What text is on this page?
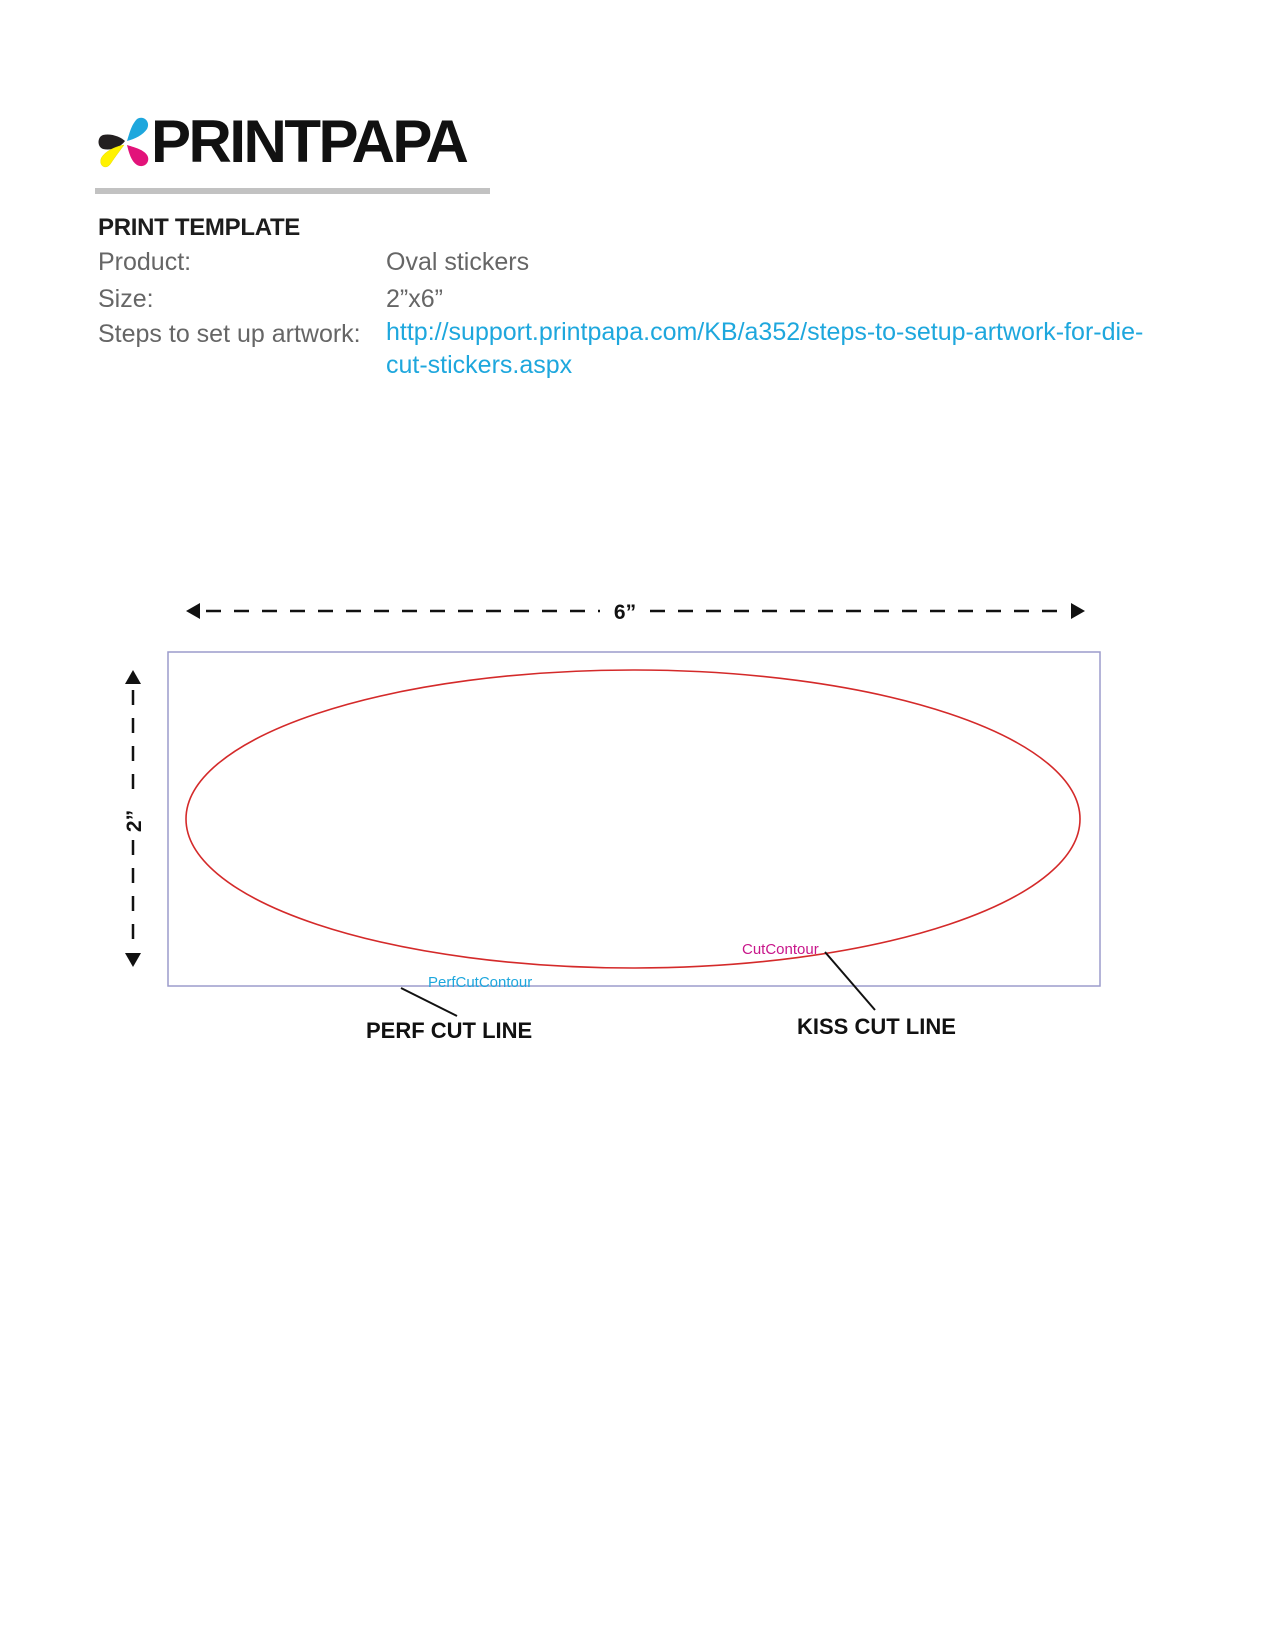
PRINTPAPA
PRINT TEMPLATE
Product:	Oval stickers
Size:	2”x6”
Steps to set up artwork: http://support.printpapa.com/KB/a352/steps-to-setup-artwork-for-die-
cut-stickers.aspx
6”
2”
CutContour
PerfCutContour
PERF CUT LINE	KISS CUT LINE
